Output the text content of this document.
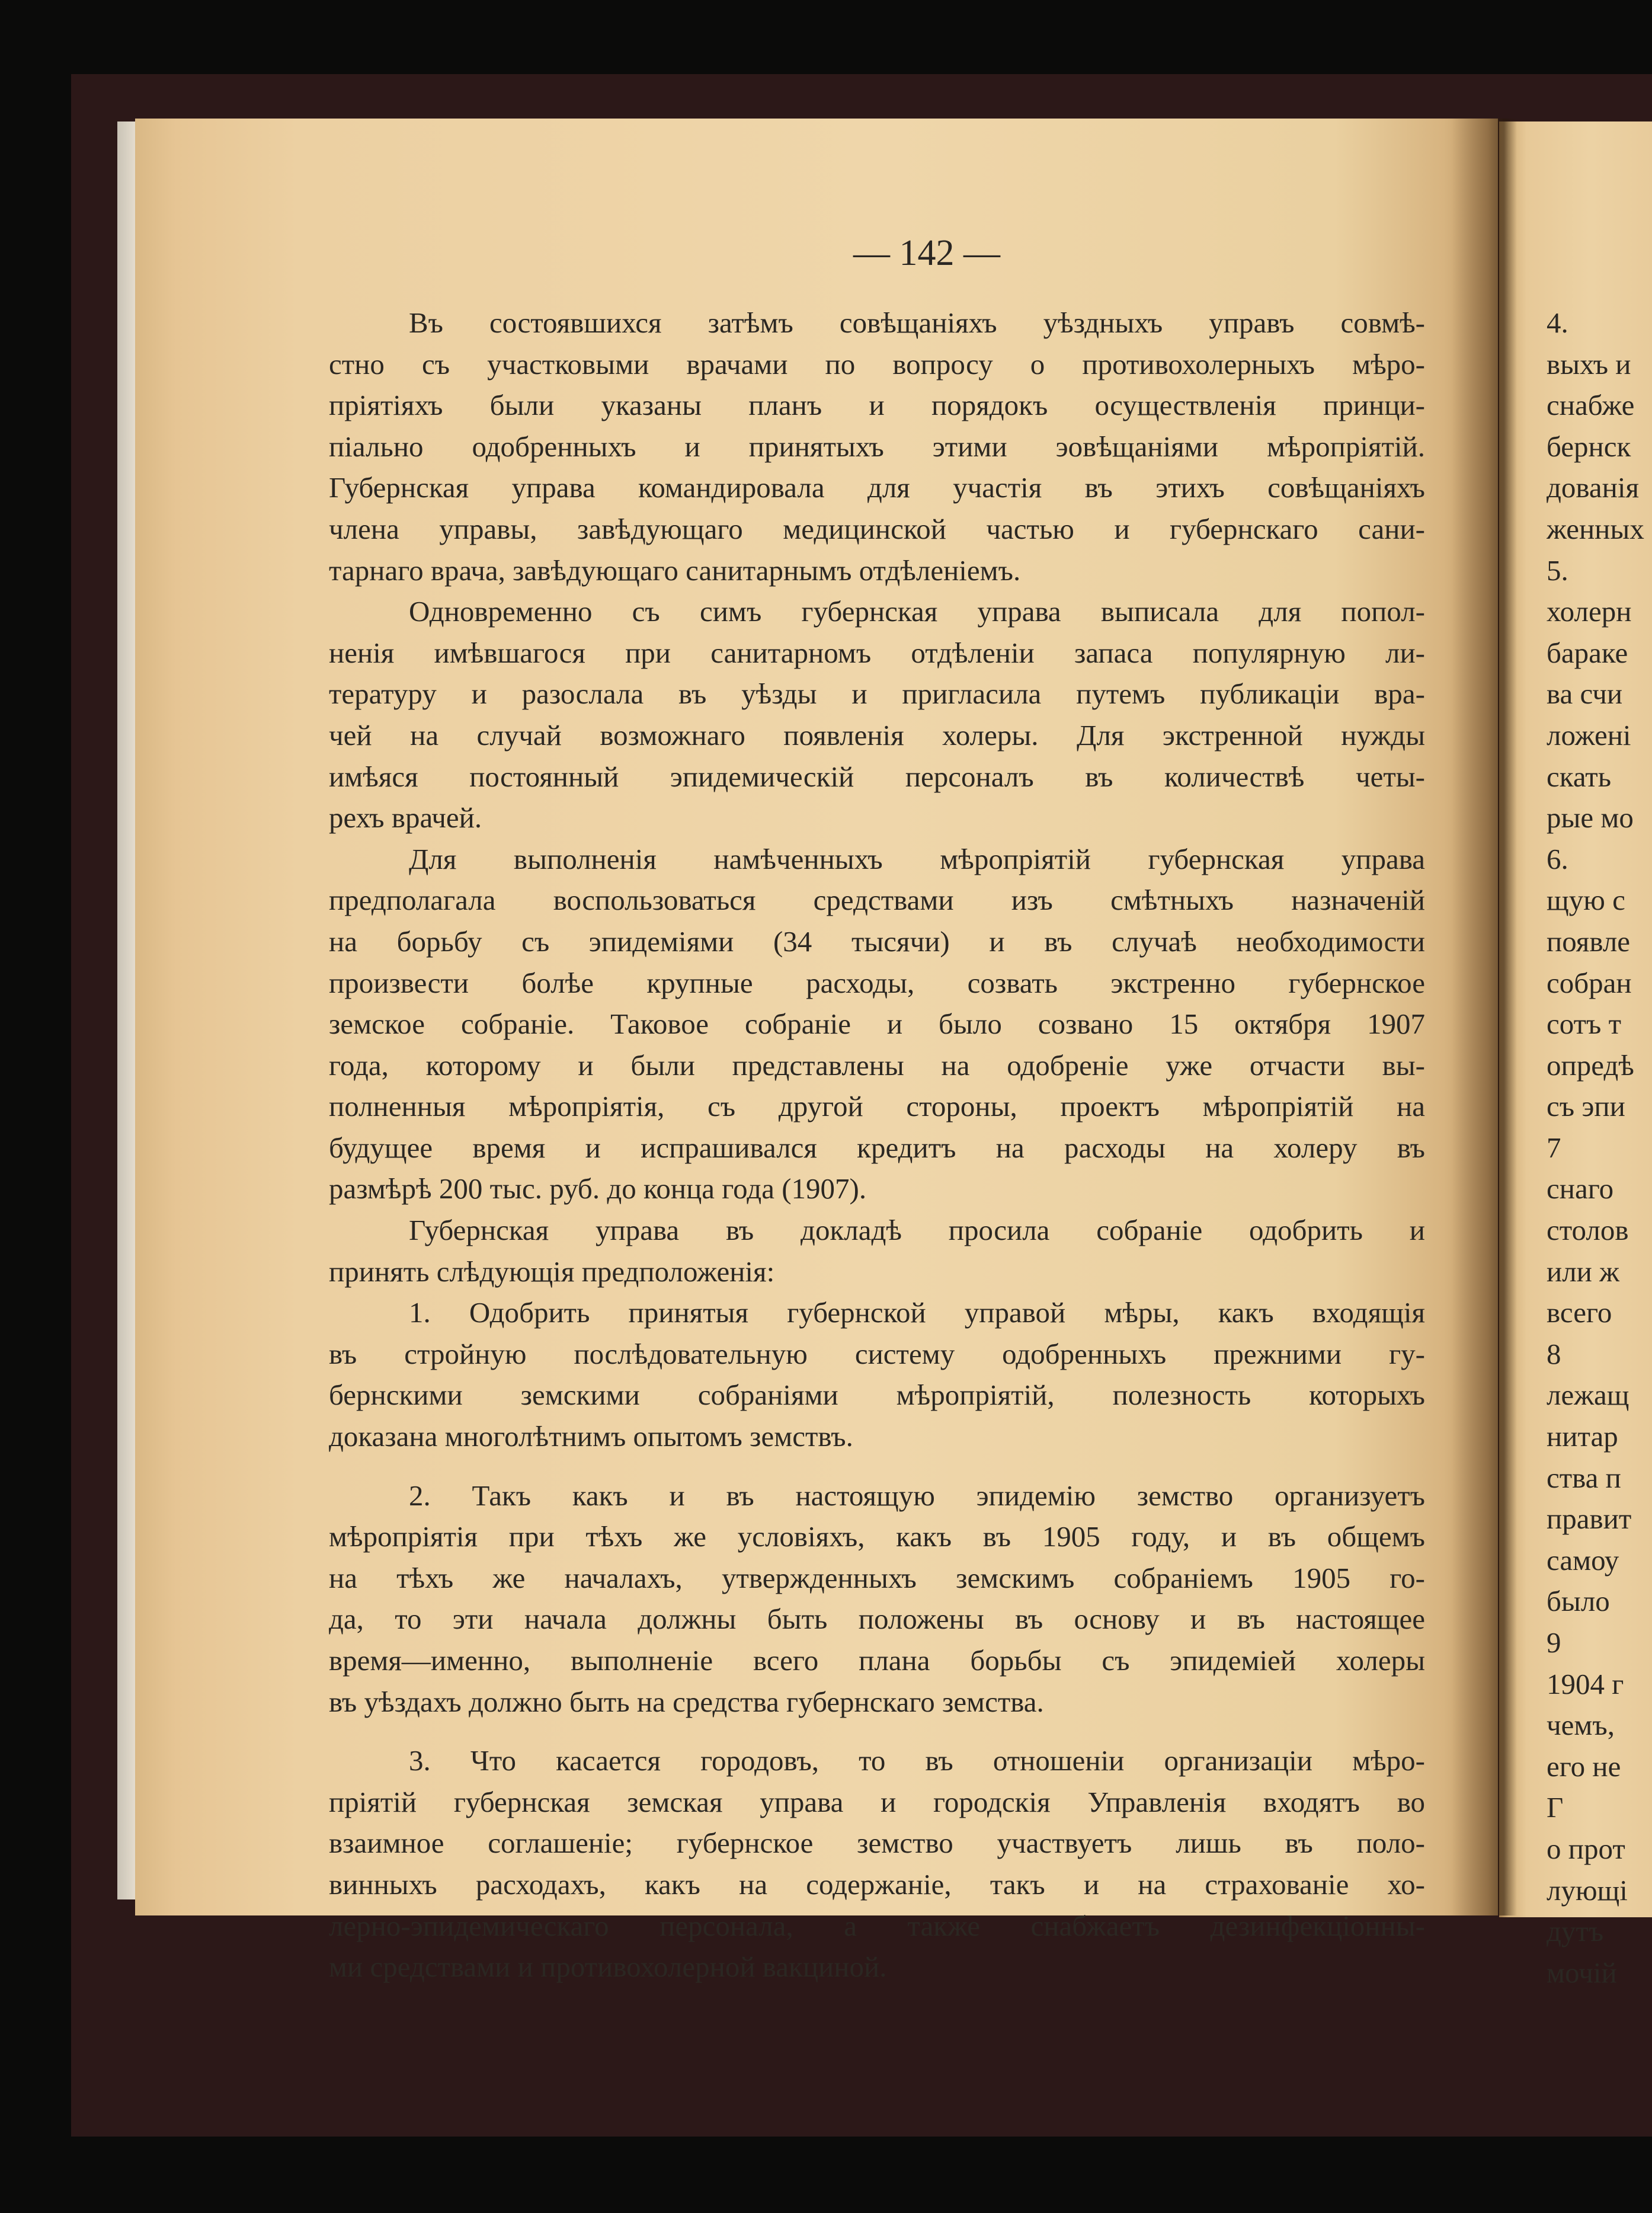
— 142 —
Въ состоявшихся затѣмъ совѣщаніяхъ уѣздныхъ управъ совмѣ-
стно съ участковыми врачами по вопросу о противохолерныхъ мѣро-
пріятіяхъ были указаны планъ и порядокъ осуществленія принци-
піально одобренныхъ и принятыхъ этими эовѣщаніями мѣропріятій.
Губернская управа командировала для участія въ этихъ совѣщаніяхъ
члена управы, завѣдующаго медицинской частью и губернскаго сани-
тарнаго врача, завѣдующаго санитарнымъ отдѣленіемъ.
Одновременно съ симъ губернская управа выписала для попол-
ненія имѣвшагося при санитарномъ отдѣленіи запаса популярную ли-
тературу и разослала въ уѣзды и пригласила путемъ публикаціи вра-
чей на случай возможнаго появленія холеры. Для экстренной нужды
имѣяся постоянный эпидемическій персоналъ въ количествѣ четы-
рехъ врачей.
Для выполненія намѣченныхъ мѣропріятій губернская управа
предполагала воспользоваться средствами изъ смѣтныхъ назначеній
на борьбу съ эпидеміями (34 тысячи) и въ случаѣ необходимости
произвести болѣе крупные расходы, созвать экстренно губернское
земское собраніе. Таковое собраніе и было созвано 15 октября 1907
года, которому и были представлены на одобреніе уже отчасти вы-
полненныя мѣропріятія, съ другой стороны, проектъ мѣропріятій на
будущее время и испрашивался кредитъ на расходы на холеру въ
размѣрѣ 200 тыс. руб. до конца года (1907).
Губернская управа въ докладѣ просила собраніе одобрить и
принять слѣдующія предположенія:
1. Одобрить принятыя губернской управой мѣры, какъ входящія
въ стройную послѣдовательную систему одобренныхъ прежними гу-
бернскими земскими собраніями мѣропріятій, полезность которыхъ
доказана многолѣтнимъ опытомъ земствъ.
2. Такъ какъ и въ настоящую эпидемію земство организуетъ
мѣропріятія при тѣхъ же условіяхъ, какъ въ 1905 году, и въ общемъ
на тѣхъ же началахъ, утвержденныхъ земскимъ собраніемъ 1905 го-
да, то эти начала должны быть положены въ основу и въ настоящее
время—именно, выполненіе всего плана борьбы съ эпидеміей холеры
въ уѣздахъ должно быть на средства губернскаго земства.
3. Что касается городовъ, то въ отношеніи организаціи мѣро-
пріятій губернская земская управа и городскія Управленія входятъ во
взаимное соглашеніе; губернское земство участвуетъ лишь въ поло-
винныхъ расходахъ, какъ на содержаніе, такъ и на страхованіе хо-
лерно-эпидемическаго персонала, а также снабжаетъ дезинфекціонны-
ми средствами и противохолерной вакциной.
4.
выхъ и
снабже
бернск
дованія
женных
5.
холерн
бараке
ва счи
ложені
скать
рые мо
6.
щую с
появле
собран
сотъ т
опредѣ
съ эпи
7
снаго
столов
или ж
всего
8
лежащ
нитар
ства п
правит
самоу
было
9
1904 г
чемъ,
его не
Г
о прот
лующі
дутъ
мочій
